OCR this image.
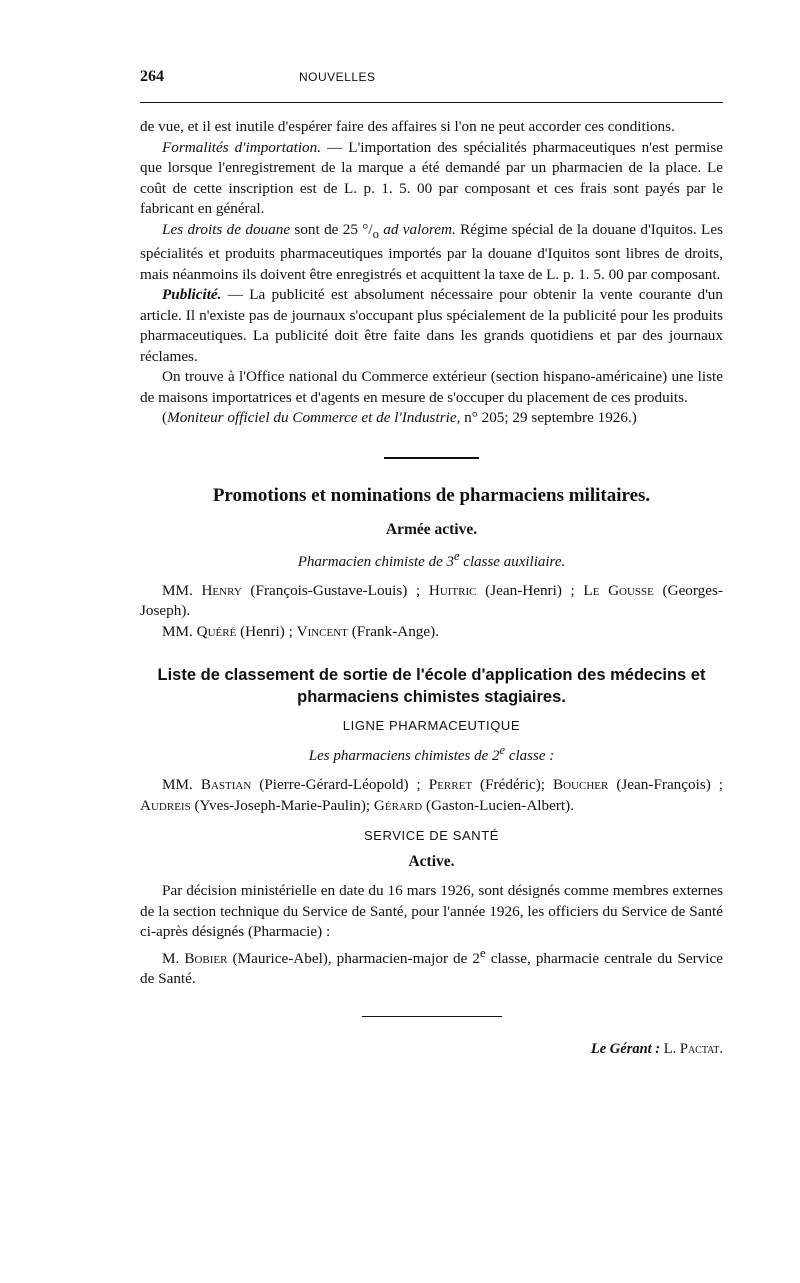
264	NOUVELLES

de vue, et il est inutile d'espérer faire des affaires si l'on ne peut accorder ces conditions.

Formalités d'importation. — L'importation des spécialités pharmaceutiques n'est permise que lorsque l'enregistrement de la marque a été demandé par un pharmacien de la place. Le coût de cette inscription est de L. p. 1. 5. 00 par composant et ces frais sont payés par le fabricant en général.

Les droits de douane sont de 25 $^\circ/_o$ ad valorem. Régime spécial de la douane d'Iquitos. Les spécialités et produits pharmaceutiques importés par la douane d'Iquitos sont libres de droits, mais néanmoins ils doivent être enregistrés et acquittent la taxe de L. p. 1. 5. 00 par composant.

Publicité. — La publicité est absolument nécessaire pour obtenir la vente courante d'un article. Il n'existe pas de journaux s'occupant plus spécialement de la publicité pour les produits pharmaceutiques. La publicité doit être faite dans les grands quotidiens et par des journaux réclames.

On trouve à l'Office national du Commerce extérieur (section hispano-américaine) une liste de maisons importatrices et d'agents en mesure de s'occuper du placement de ces produits.

(Moniteur officiel du Commerce et de l'Industrie, n° 205; 29 septembre 1926.)

Promotions et nominations de pharmaciens militaires.
Armée active.
Pharmacien chimiste de 3e classe auxiliaire.

MM. Henry (François-Gustave-Louis) ; Huitric (Jean-Henri) ; Le Gousse (Georges-Joseph).

MM. Quéré (Henri) ; Vincent (Frank-Ange).

Liste de classement de sortie de l'école d'application des médecins et pharmaciens chimistes stagiaires.
LIGNE PHARMACEUTIQUE
Les pharmaciens chimistes de 2e classe :

MM. Bastian (Pierre-Gérard-Léopold) ; Perret (Frédéric); Boucher (Jean-François) ; Audreis (Yves-Joseph-Marie-Paulin); Gérard (Gaston-Lucien-Albert).

SERVICE DE SANTÉ
Active.

Par décision ministérielle en date du 16 mars 1926, sont désignés comme membres externes de la section technique du Service de Santé, pour l'année 1926, les officiers du Service de Santé ci-après désignés (Pharmacie) :

M. Bobier (Maurice-Abel), pharmacien-major de 2e classe, pharmacie centrale du Service de Santé.

Le Gérant : L. Pactat.
